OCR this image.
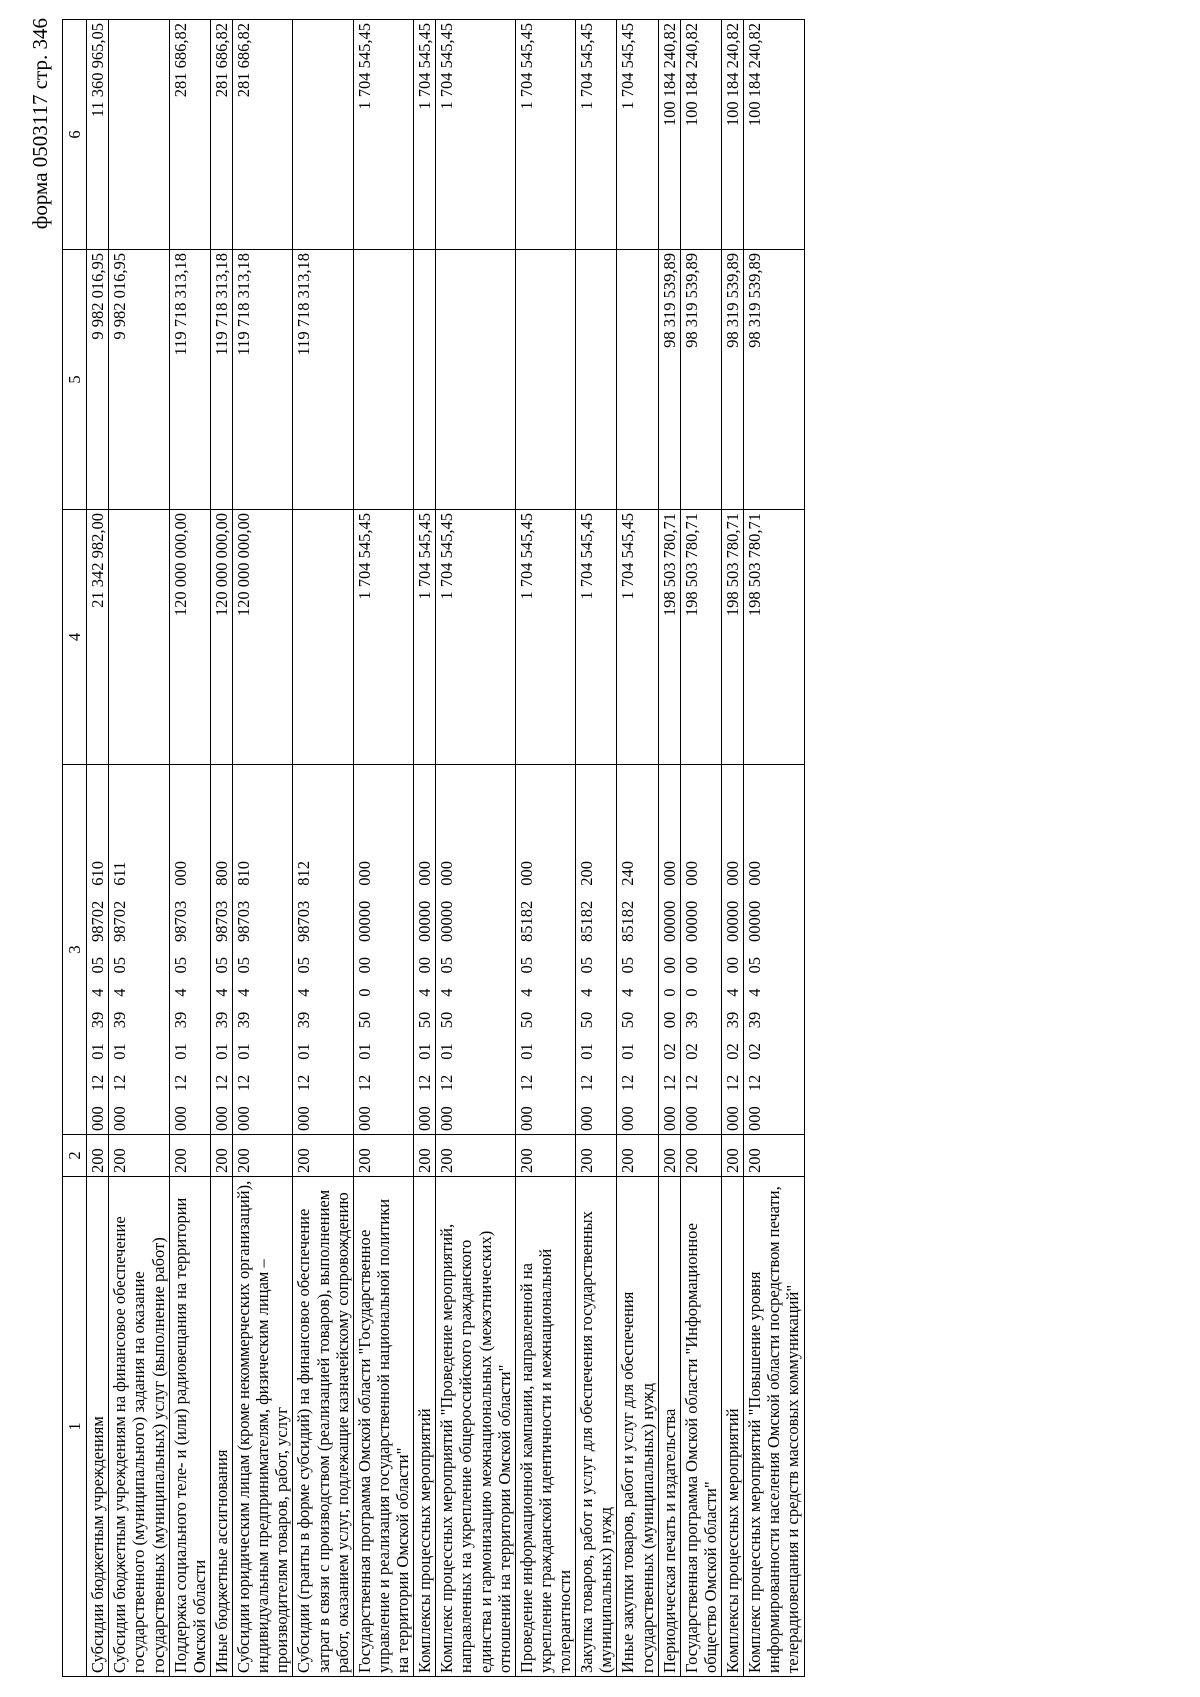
форма 0503117 стр. 346
1	2	3	4	5	6
Субсидии бюджетным учреждениям	200	00012013940598702610	21 342 982,00	9 982 016,95	11 360 965,05
Субсидии бюджетным учреждениям на финансовое обеспечение государственного (муниципального) задания на оказание государственных (муниципальных) услуг (выполнение работ)	200	00012013940598702611		9 982 016,95	
Поддержка социального теле- и (или) радиовещания на территории Омской области	200	00012013940598703000	120 000 000,00	119 718 313,18	281 686,82
Иные бюджетные ассигнования	200	00012013940598703800	120 000 000,00	119 718 313,18	281 686,82
Субсидии юридическим лицам (кроме некоммерческих организаций), индивидуальным предпринимателям, физическим лицам – производителям товаров, работ, услуг	200	00012013940598703810	120 000 000,00	119 718 313,18	281 686,82
Субсидии (гранты в форме субсидий) на финансовое обеспечение затрат в связи с производством (реализацией товаров), выполнением работ, оказанием услуг, подлежащие казначейскому сопровождению	200	00012013940598703812		119 718 313,18	
Государственная программа Омской области "Государственное управление и реализация государственной национальной политики на территории Омской области"	200	00012015000000000000	1 704 545,45		1 704 545,45
Комплексы процессных мероприятий	200	00012015040000000000	1 704 545,45		1 704 545,45
Комплекс процессных мероприятий "Проведение мероприятий, направленных на укрепление общероссийского гражданского единства и гармонизацию межнациональных (межэтнических) отношений на территории Омской области"	200	00012015040500000000	1 704 545,45		1 704 545,45
Проведение информационной кампании, направленной на укрепление гражданской идентичности и межнациональной толерантности	200	00012015040585182000	1 704 545,45		1 704 545,45
Закупка товаров, работ и услуг для обеспечения государственных (муниципальных) нужд	200	00012015040585182200	1 704 545,45		1 704 545,45
Иные закупки товаров, работ и услуг для обеспечения государственных (муниципальных) нужд	200	00012015040585182240	1 704 545,45		1 704 545,45
Периодическая печать и издательства	200	00012020000000000000	198 503 780,71	98 319 539,89	100 184 240,82
Государственная программа Омской области "Информационное общество Омской области"	200	00012023900000000000	198 503 780,71	98 319 539,89	100 184 240,82
Комплексы процессных мероприятий	200	00012023940000000000	198 503 780,71	98 319 539,89	100 184 240,82
Комплекс процессных мероприятий "Повышение уровня информированности населения Омской области посредством печати, телерадиовещания и средств массовых коммуникаций"	200	00012023940500000000	198 503 780,71	98 319 539,89	100 184 240,82
